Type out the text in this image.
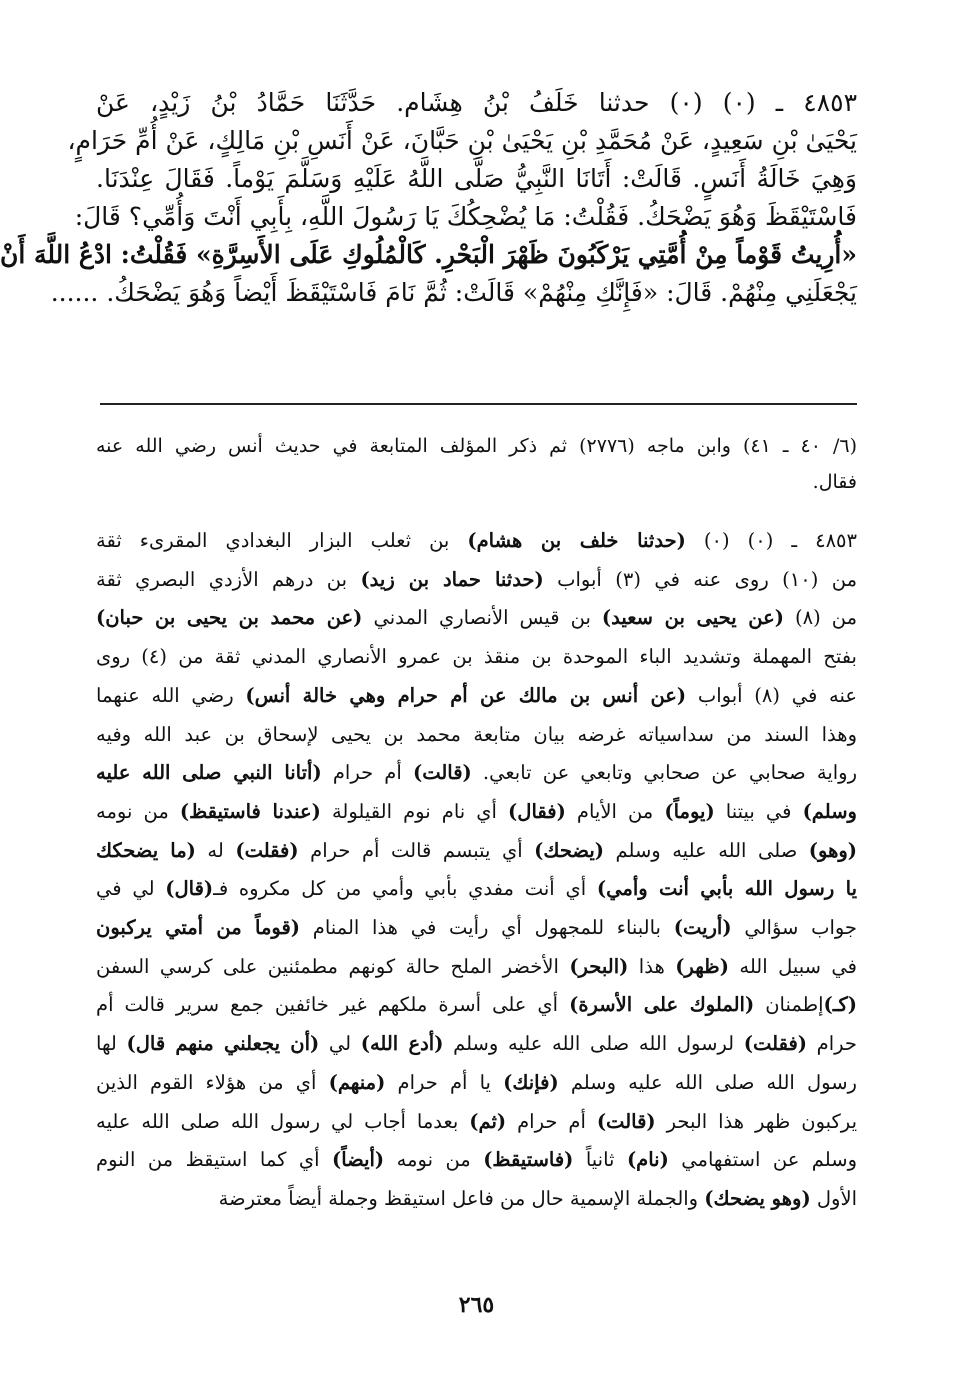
٤٨٥٣ ـ (٠) (٠) حدثنا خَلَفُ بْنُ هِشَام. حَدَّثَنَا حَمَّادُ بْنُ زَيْدٍ، عَنْ
يَحْيَىٰ بْنِ سَعِيدٍ، عَنْ مُحَمَّدِ بْنِ يَحْيَىٰ بْنِ حَبَّانَ، عَنْ أَنَسِ بْنِ مَالِكٍ، عَنْ أُمِّ حَرَامٍ،
وَهِيَ خَالَةُ أَنَسٍ. قَالَتْ: أَتَانَا النَّبِيُّ صَلَّى اللَّهُ عَلَيْهِ وَسَلَّمَ يَوْماً. فَقَالَ عِنْدَنَا.
فَاسْتَيْقَظَ وَهُوَ يَضْحَكُ. فَقُلْتُ: مَا يُضْحِكُكَ يَا رَسُولَ اللَّهِ، بِأَبِي أَنْتَ وَأُمِّي؟ قَالَ:
«أُرِيتُ قَوْماً مِنْ أُمَّتِي يَرْكَبُونَ ظَهْرَ الْبَحْرِ. كَالْمُلُوكِ عَلَى الأَسِرَّةِ» فَقُلْتُ: ادْعُ اللَّهَ أَنْ
يَجْعَلَنِي مِنْهُمْ. قَالَ: «فَإِنَّكِ مِنْهُمْ» قَالَتْ: ثُمَّ نَامَ فَاسْتَيْقَظَ أَيْضاً وَهُوَ يَضْحَكُ. ......
(٦/ ٤٠ ـ ٤١) وابن ماجه (٢٧٧٦) ثم ذكر المؤلف المتابعة في حديث أنس رضي الله عنه
فقال.
٤٨٥٣ ـ (٠) (٠) (حدثنا خلف بن هشام) بن ثعلب البزار البغدادي المقرىء ثقة
من (١٠) روى عنه في (٣) أبواب (حدثنا حماد بن زيد) بن درهم الأزدي البصري ثقة
من (٨) (عن يحيى بن سعيد) بن قيس الأنصاري المدني (عن محمد بن يحيى بن حبان)
بفتح المهملة وتشديد الباء الموحدة بن منقذ بن عمرو الأنصاري المدني ثقة من (٤) روى
عنه في (٨) أبواب (عن أنس بن مالك عن أم حرام وهي خالة أنس) رضي الله عنهما
وهذا السند من سداسياته غرضه بيان متابعة محمد بن يحيى لإسحاق بن عبد الله وفيه
رواية صحابي عن صحابي وتابعي عن تابعي. (قالت) أم حرام (أتانا النبي صلى الله عليه
وسلم) في بيتنا (يوماً) من الأيام (فقال) أي نام نوم القيلولة (عندنا فاستيقظ) من نومه
(وهو) صلى الله عليه وسلم (يضحك) أي يتبسم قالت أم حرام (فقلت) له (ما يضحكك
يا رسول الله بأبي أنت وأمي) أي أنت مفدي بأبي وأمي من كل مكروه فـ(قال) لي في
جواب سؤالي (أريت) بالبناء للمجهول أي رأيت في هذا المنام (قوماً من أمتي يركبون
في سبيل الله (ظهر) هذا (البحر) الأخضر الملح حالة كونهم مطمئنين على كرسي السفن
(كـ)إطمنان (الملوك على الأسرة) أي على أسرة ملكهم غير خائفين جمع سرير قالت أم
حرام (فقلت) لرسول الله صلى الله عليه وسلم (أدع الله) لي (أن يجعلني منهم قال) لها
رسول الله صلى الله عليه وسلم (فإنك) يا أم حرام (منهم) أي من هؤلاء القوم الذين
يركبون ظهر هذا البحر (قالت) أم حرام (ثم) بعدما أجاب لي رسول الله صلى الله عليه
وسلم عن استفهامي (نام) ثانياً (فاستيقظ) من نومه (أيضاً) أي كما استيقظ من النوم
الأول (وهو يضحك) والجملة الإسمية حال من فاعل استيقظ وجملة أيضاً معترضة
٢٦٥
